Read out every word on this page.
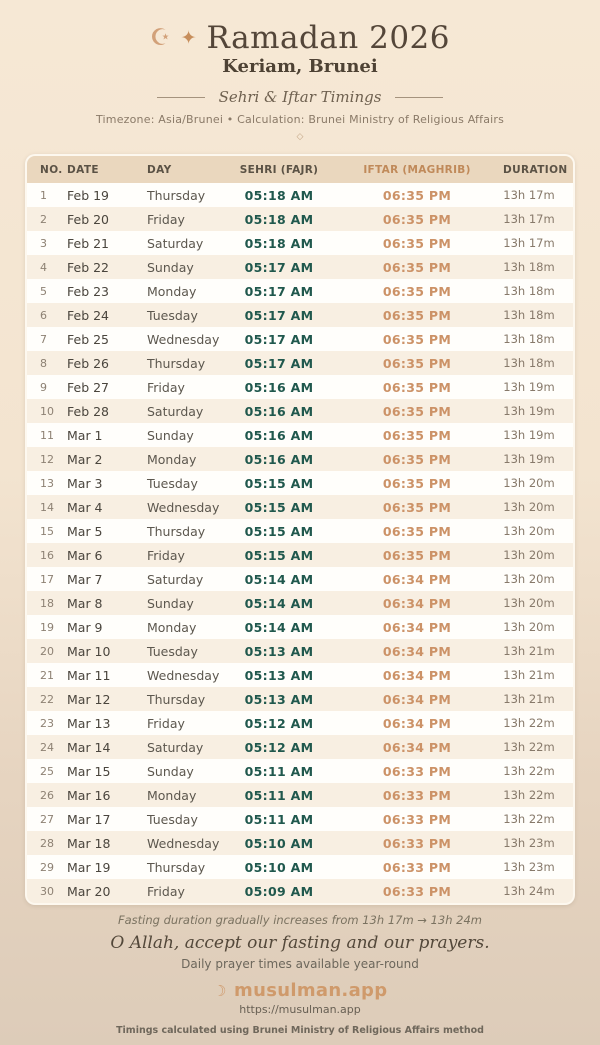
☪ ✦ Ramadan 2026
Keriam, Brunei
Sehri & Iftar Timings
Timezone: Asia/Brunei • Calculation: Brunei Ministry of Religious Affairs
◇
NO. DATE	DAY	SEHRI (FAJR)	IFTAR (MAGHRIB)	DURATION
1	Feb 19	Thursday	05:18 AM	06:35 PM	13h 17m
2	Feb 20	Friday	05:18 AM	06:35 PM	13h 17m
3	Feb 21	Saturday	05:18 AM	06:35 PM	13h 17m
4	Feb 22	Sunday	05:17 AM	06:35 PM	13h 18m
5	Feb 23	Monday	05:17 AM	06:35 PM	13h 18m
6	Feb 24	Tuesday	05:17 AM	06:35 PM	13h 18m
7	Feb 25	Wednesday	05:17 AM	06:35 PM	13h 18m
8	Feb 26	Thursday	05:17 AM	06:35 PM	13h 18m
9	Feb 27	Friday	05:16 AM	06:35 PM	13h 19m
10	Feb 28	Saturday	05:16 AM	06:35 PM	13h 19m
11	Mar 1	Sunday	05:16 AM	06:35 PM	13h 19m
12	Mar 2	Monday	05:16 AM	06:35 PM	13h 19m
13	Mar 3	Tuesday	05:15 AM	06:35 PM	13h 20m
14	Mar 4	Wednesday	05:15 AM	06:35 PM	13h 20m
15	Mar 5	Thursday	05:15 AM	06:35 PM	13h 20m
16	Mar 6	Friday	05:15 AM	06:35 PM	13h 20m
17	Mar 7	Saturday	05:14 AM	06:34 PM	13h 20m
18	Mar 8	Sunday	05:14 AM	06:34 PM	13h 20m
19	Mar 9	Monday	05:14 AM	06:34 PM	13h 20m
20	Mar 10	Tuesday	05:13 AM	06:34 PM	13h 21m
21	Mar 11	Wednesday	05:13 AM	06:34 PM	13h 21m
22	Mar 12	Thursday	05:13 AM	06:34 PM	13h 21m
23	Mar 13	Friday	05:12 AM	06:34 PM	13h 22m
24	Mar 14	Saturday	05:12 AM	06:34 PM	13h 22m
25	Mar 15	Sunday	05:11 AM	06:33 PM	13h 22m
26	Mar 16	Monday	05:11 AM	06:33 PM	13h 22m
27	Mar 17	Tuesday	05:11 AM	06:33 PM	13h 22m
28	Mar 18	Wednesday	05:10 AM	06:33 PM	13h 23m
29	Mar 19	Thursday	05:10 AM	06:33 PM	13h 23m
30	Mar 20	Friday	05:09 AM	06:33 PM	13h 24m
Fasting duration gradually increases from 13h 17m → 13h 24m
O Allah, accept our fasting and our prayers.
Daily prayer times available year-round
☾ musulman.app
https://musulman.app
Timings calculated using Brunei Ministry of Religious Affairs method
